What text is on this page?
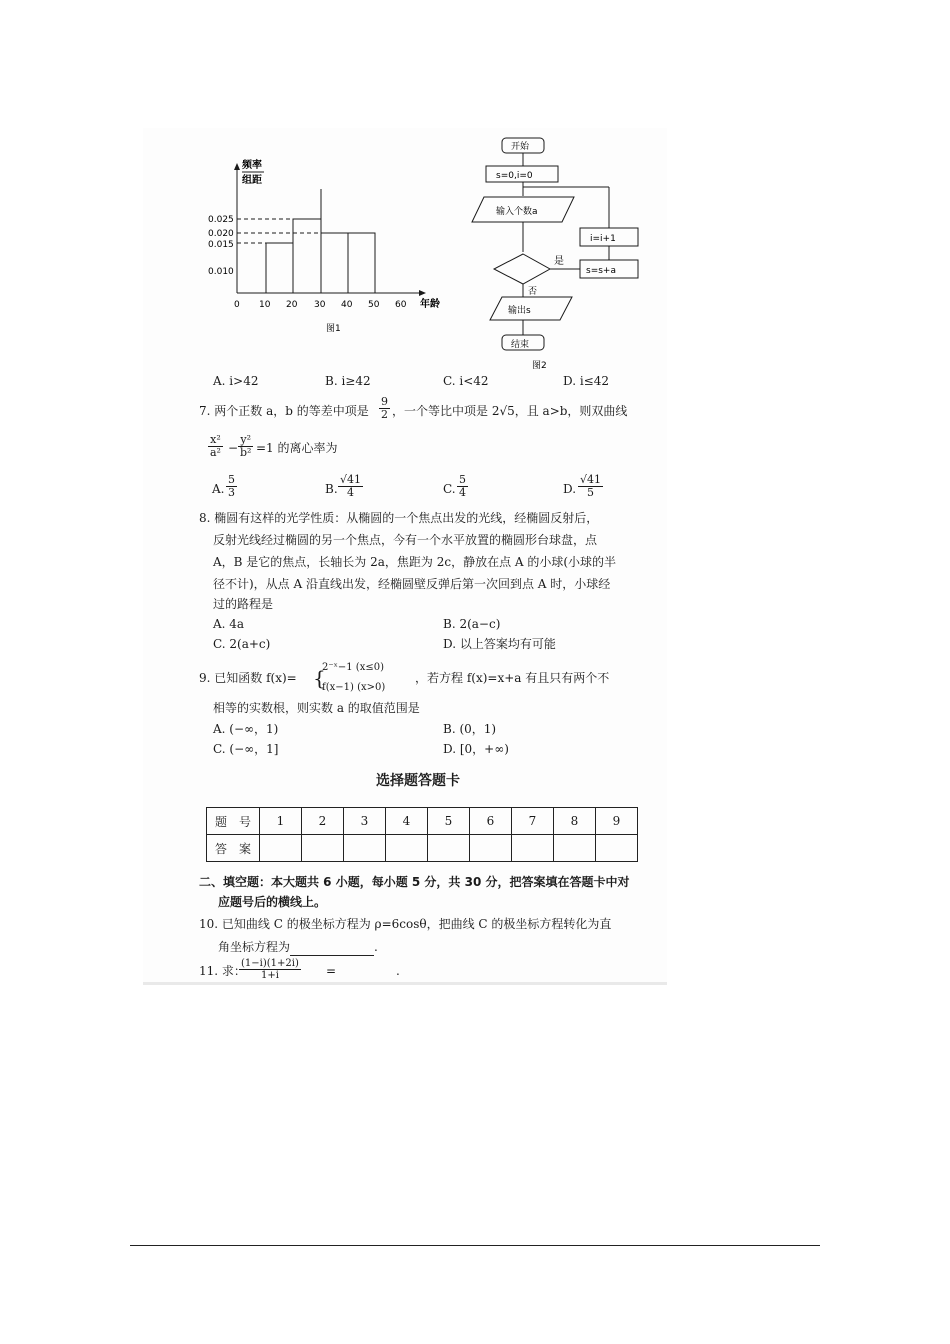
频率
组距
0.025
0.020
0.015
0.010
0 10 20 30 40 50 60 年龄
图1
开始
s=0,i=0
输入个数a
s=s+a
i=i+1
是
否
输出s
结束
图2
A. i>42	B. i≥42	C. i<42	D. i≤42
7. 两个正数 a，b 的等差中项是 $\frac{9}{2}$ ，一个等比中项是 2√5，且 a>b，则双曲线
$\frac{\text{x²}}{\text{a²}} - \frac{\text{y²}}{\text{b²}} =1$ 的离心率为
A. $\frac{5}{3}$	B. $\frac{√41}{4}$	C. $\frac{5}{4}$	D. $\frac{√41}{5}$
8. 椭圆有这样的光学性质：从椭圆的一个焦点出发的光线，经椭圆反射后，
反射光线经过椭圆的另一个焦点，今有一个水平放置的椭圆形台球盘，点
A，B 是它的焦点，长轴长为 2a，焦距为 2c，静放在点 A 的小球(小球的半
径不计)，从点 A 沿直线出发，经椭圆壁反弹后第一次回到点 A 时，小球经
过的路程是
A. 4a	B. 2(a−c)
C. 2(a+c)	D. 以上答案均有可能
9. 已知函数 f(x)= {
2⁻ˣ−1 (x≤0)
f(x−1) (x>0)
，若方程 f(x)=x+a 有且只有两个不
相等的实数根，则实数 a 的取值范围是
A. (−∞，1)	B. (0，1)
C. (−∞，1]	D. [0，+∞)
选择题答题卡
题　号	1	2	3	4	5	6	7	8	9
答　案									
二、填空题：本大题共 6 小题，每小题 5 分，共 30 分，把答案填在答题卡中对
应题号后的横线上。
10. 已知曲线 C 的极坐标方程为 ρ=6cosθ，把曲线 C 的极坐标方程转化为直
角坐标方程为	.
11. 求：
(1−i)(1+2i)
=	.
